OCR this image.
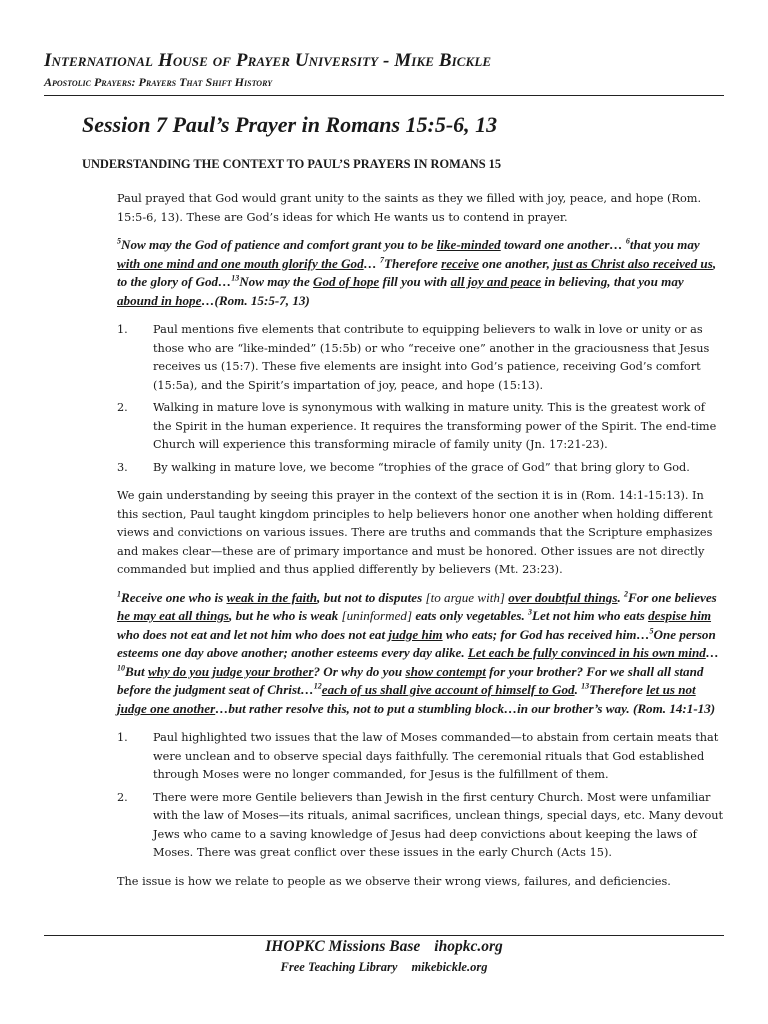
International House of Prayer University - Mike Bickle
Apostolic Prayers: Prayers That Shift History
Session 7 Paul’s Prayer in Romans 15:5-6, 13
UNDERSTANDING THE CONTEXT TO PAUL’S PRAYERS IN ROMANS 15

Paul prayed that God would grant unity to the saints as they we filled with joy, peace, and hope (Rom. 15:5-6, 13). These are God’s ideas for which He wants us to contend in prayer.

$^5$Now may the God of patience and comfort grant you to be like-minded toward one another… $^6$that you may with one mind and one mouth glorify the God… $^7$Therefore receive one another, just as Christ also received us, to the glory of God…$^{13}$Now may the God of hope fill you with all joy and peace in believing, that you may abound in hope…(Rom. 15:5-7, 13)

1. Paul mentions five elements that contribute to equipping believers to walk in love or unity or as those who are “like-minded” (15:5b) or who “receive one” another in the graciousness that Jesus receives us (15:7). These five elements are insight into God’s patience, receiving God’s comfort (15:5a), and the Spirit’s impartation of joy, peace, and hope (15:13).
2. Walking in mature love is synonymous with walking in mature unity. This is the greatest work of the Spirit in the human experience. It requires the transforming power of the Spirit. The end-time Church will experience this transforming miracle of family unity (Jn. 17:21-23).
3. By walking in mature love, we become “trophies of the grace of God” that bring glory to God.

We gain understanding by seeing this prayer in the context of the section it is in (Rom. 14:1-15:13). In this section, Paul taught kingdom principles to help believers honor one another when holding different views and convictions on various issues. There are truths and commands that the Scripture emphasizes and makes clear—these are of primary importance and must be honored. Other issues are not directly commanded but implied and thus applied differently by believers (Mt. 23:23).

$^1$Receive one who is weak in the faith, but not to disputes [to argue with] over doubtful things. $^2$For one believes he may eat all things, but he who is weak [uninformed] eats only vegetables. $^3$Let not him who eats despise him who does not eat and let not him who does not eat judge him who eats; for God has received him…$^5$One person esteems one day above another; another esteems every day alike. Let each be fully convinced in his own mind…$^{10}$But why do you judge your brother? Or why do you show contempt for your brother? For we shall all stand before the judgment seat of Christ…$^{12}$each of us shall give account of himself to God. $^{13}$Therefore let us not judge one another…but rather resolve this, not to put a stumbling block…in our brother’s way. (Rom. 14:1-13)

1. Paul highlighted two issues that the law of Moses commanded—to abstain from certain meats that were unclean and to observe special days faithfully. The ceremonial rituals that God established through Moses were no longer commanded, for Jesus is the fulfillment of them.
2. There were more Gentile believers than Jewish in the first century Church. Most were unfamiliar with the law of Moses—its rituals, animal sacrifices, unclean things, special days, etc. Many devout Jews who came to a saving knowledge of Jesus had deep convictions about keeping the laws of Moses. There was great conflict over these issues in the early Church (Acts 15).

The issue is how we relate to people as we observe their wrong views, failures, and deficiencies.

IHOPKC Missions Base ihopkc.org
Free Teaching Library mikebickle.org
